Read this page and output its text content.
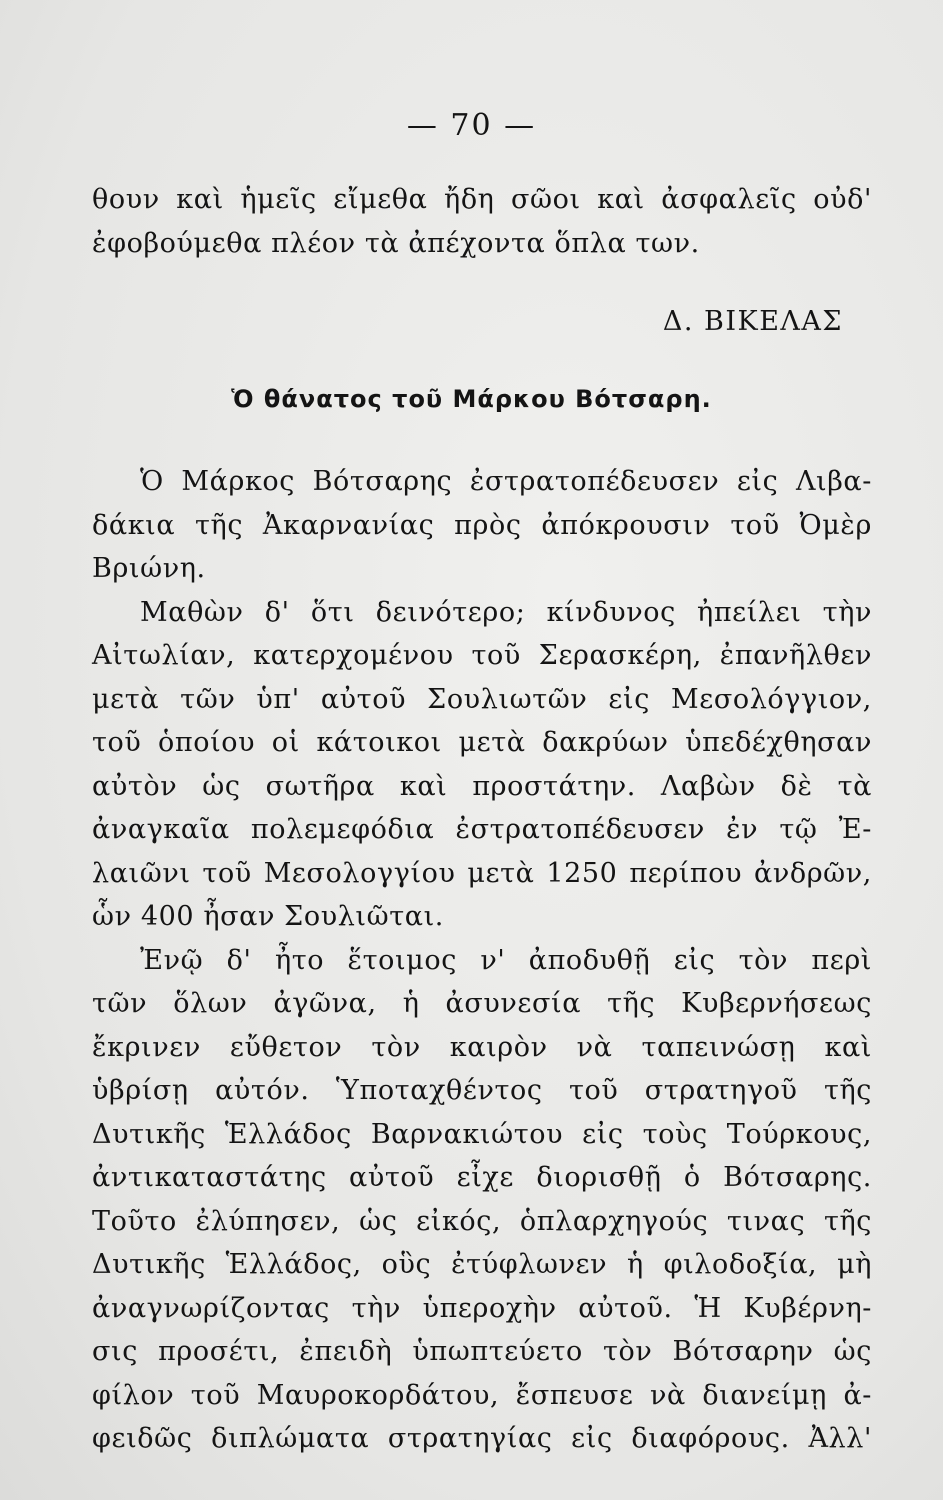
— 70 —
θουν καὶ ἡμεῖς εἴμεθα ἤδη σῶοι καὶ ἀσφαλεῖς οὐδ'
ἐφοβούμεθα πλέον τὰ ἀπέχοντα ὅπλα των.
Δ. ΒΙΚΕΛΑΣ
Ὁ θάνατος τοῦ Μάρκου Βότσαρη.
Ὁ Μάρκος Βότσαρης ἐστρατοπέδευσεν εἰς Λιβα-
δάκια τῆς Ἀκαρνανίας πρὸς ἀπόκρουσιν τοῦ Ὀμὲρ
Βριώνη.
Μαθὼν δ' ὅτι δεινότερο; κίνδυνος ἠπείλει τὴν
Αἰτωλίαν, κατερχομένου τοῦ Σερασκέρη, ἐπανῆλθεν
μετὰ τῶν ὑπ' αὐτοῦ Σουλιωτῶν εἰς Μεσολόγγιον,
τοῦ ὁποίου οἱ κάτοικοι μετὰ δακρύων ὑπεδέχθησαν
αὐτὸν ὡς σωτῆρα καὶ προστάτην. Λαβὼν δὲ τὰ
ἀναγκαῖα πολεμεφόδια ἐστρατοπέδευσεν ἐν τῷ Ἐ-
λαιῶνι τοῦ Μεσολογγίου μετὰ 1250 περίπου ἀνδρῶν,
ὧν 400 ἦσαν Σουλιῶται.
Ἐνῷ δ' ἦτο ἕτοιμος ν' ἀποδυθῇ εἰς τὸν περὶ
τῶν ὅλων ἀγῶνα, ἡ ἀσυνεσία τῆς Κυβερνήσεως
ἔκρινεν εὔθετον τὸν καιρὸν νὰ ταπεινώσῃ καὶ
ὑβρίσῃ αὐτόν. Ὑποταχθέντος τοῦ στρατηγοῦ τῆς
Δυτικῆς Ἑλλάδος Βαρνακιώτου εἰς τοὺς Τούρκους,
ἀντικαταστάτης αὐτοῦ εἶχε διορισθῇ ὁ Βότσαρης.
Τοῦτο ἐλύπησεν, ὡς εἰκός, ὁπλαρχηγούς τινας τῆς
Δυτικῆς Ἑλλάδος, οὓς ἐτύφλωνεν ἡ φιλοδοξία, μὴ
ἀναγνωρίζοντας τὴν ὑπεροχὴν αὐτοῦ. Ἡ Κυβέρνη-
σις προσέτι, ἐπειδὴ ὑπωπτεύετο τὸν Βότσαρην ὡς
φίλον τοῦ Μαυροκορδάτου, ἔσπευσε νὰ διανείμῃ ἀ-
φειδῶς διπλώματα στρατηγίας εἰς διαφόρους. Ἀλλ'
